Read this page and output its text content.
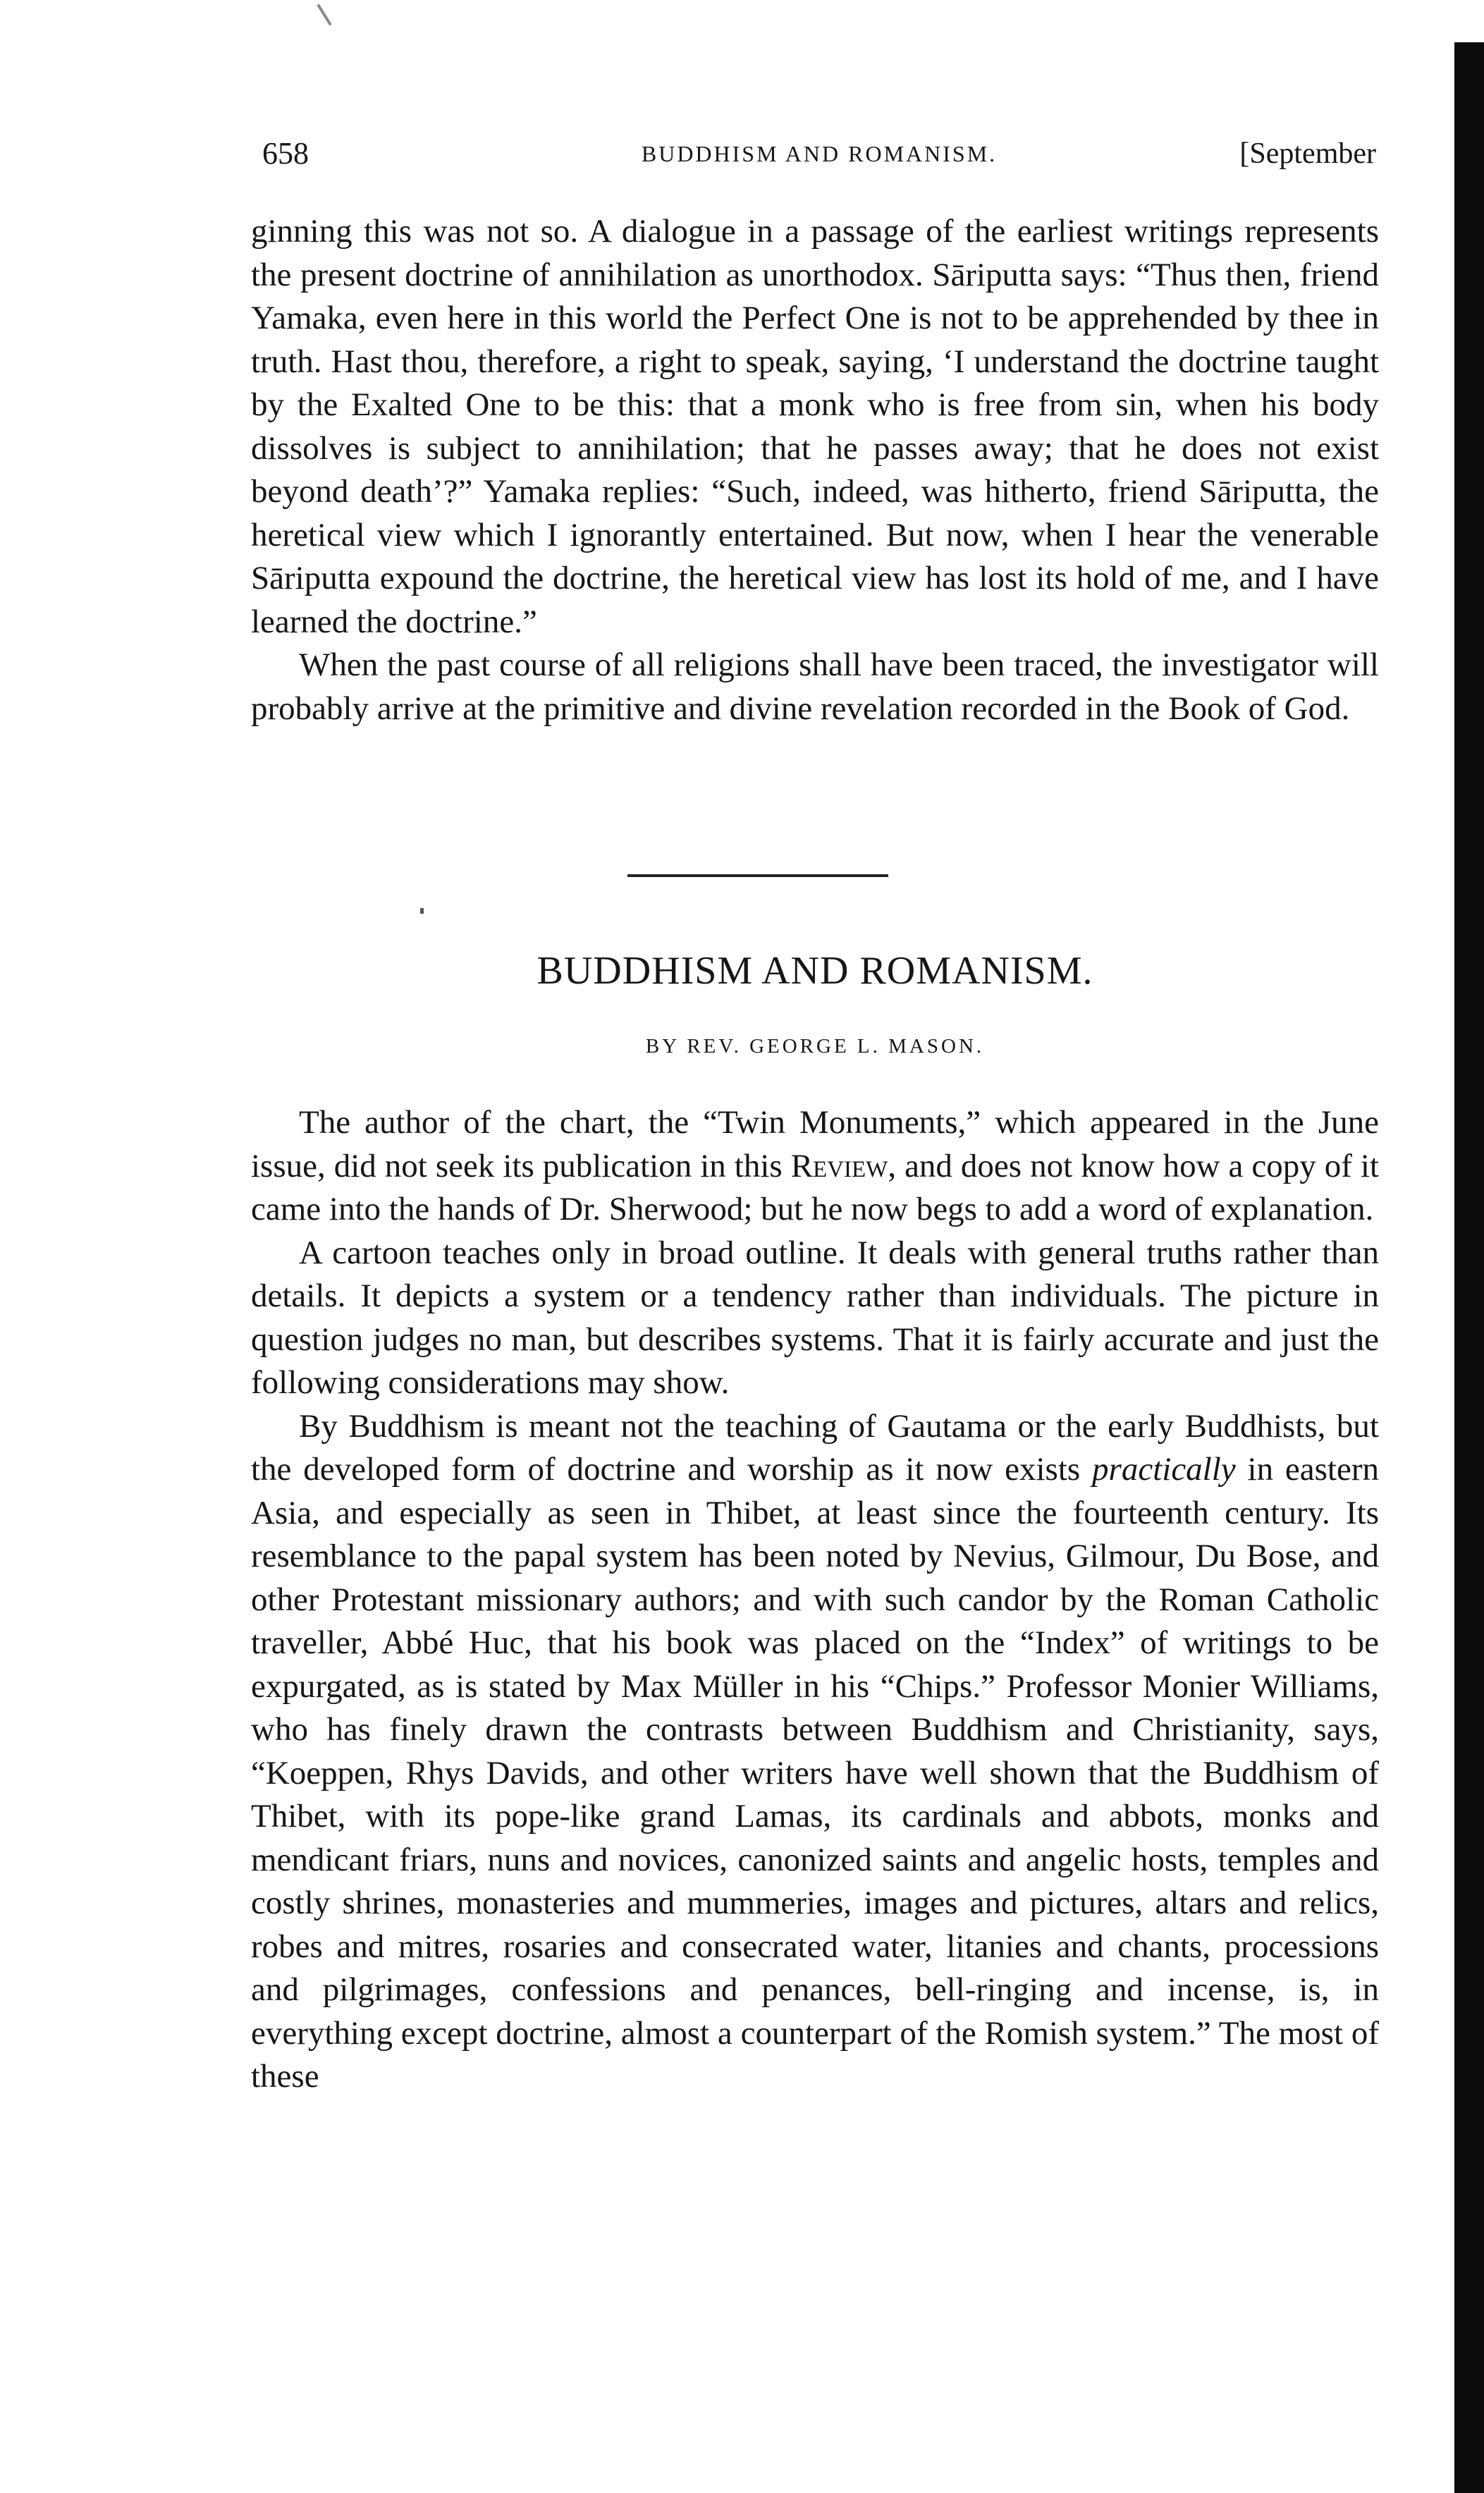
658	BUDDHISM AND ROMANISM.	[September

ginning this was not so. A dialogue in a passage of the earliest writings represents the present doctrine of annihilation as unorthodox. Sāriputta says: “Thus then, friend Yamaka, even here in this world the Perfect One is not to be apprehended by thee in truth. Hast thou, therefore, a right to speak, saying, ‘I understand the doctrine taught by the Exalted One to be this: that a monk who is free from sin, when his body dissolves is subject to annihilation; that he passes away; that he does not exist beyond death’?” Yamaka replies: “Such, indeed, was hitherto, friend Sāriputta, the heretical view which I ignorantly entertained. But now, when I hear the venerable Sāriputta expound the doctrine, the heretical view has lost its hold of me, and I have learned the doctrine.”

When the past course of all religions shall have been traced, the investigator will probably arrive at the primitive and divine revelation recorded in the Book of God.

BUDDHISM AND ROMANISM.
BY REV. GEORGE L. MASON.

The author of the chart, the “Twin Monuments,” which appeared in the June issue, did not seek its publication in this Review, and does not know how a copy of it came into the hands of Dr. Sherwood; but he now begs to add a word of explanation.

A cartoon teaches only in broad outline. It deals with general truths rather than details. It depicts a system or a tendency rather than individuals. The picture in question judges no man, but describes systems. That it is fairly accurate and just the following considerations may show.

By Buddhism is meant not the teaching of Gautama or the early Buddhists, but the developed form of doctrine and worship as it now exists practically in eastern Asia, and especially as seen in Thibet, at least since the fourteenth century. Its resemblance to the papal system has been noted by Nevius, Gilmour, Du Bose, and other Protestant missionary authors; and with such candor by the Roman Catholic traveller, Abbé Huc, that his book was placed on the “Index” of writings to be expurgated, as is stated by Max Müller in his “Chips.” Professor Monier Williams, who has finely drawn the contrasts between Buddhism and Christianity, says, “Koeppen, Rhys Davids, and other writers have well shown that the Buddhism of Thibet, with its pope-like grand Lamas, its cardinals and abbots, monks and mendicant friars, nuns and novices, canonized saints and angelic hosts, temples and costly shrines, monasteries and mummeries, images and pictures, altars and relics, robes and mitres, rosaries and consecrated water, litanies and chants, processions and pilgrimages, confessions and penances, bell-ringing and incense, is, in everything except doctrine, almost a counterpart of the Romish system.” The most of these
